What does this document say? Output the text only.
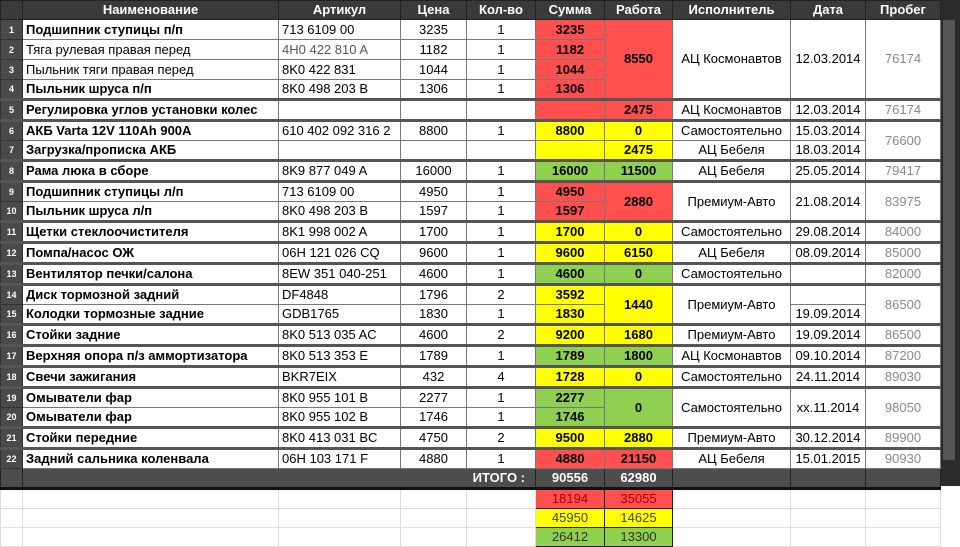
	Наименование	Артикул	Цена	Кол-во	Сумма	Работа	Исполнитель	Дата	Пробег
1	Подшипник ступицы п/п	713 6109 00	3235	1	3235	8550	АЦ Космонавтов	12.03.2014	76174
2	Тяга рулевая правая перед	4H0 422 810 A	1182	1	1182				
3	Пыльник тяги правая перед	8K0 422 831	1044	1	1044				
4	Пыльник шруса п/п	8K0 498 203 B	1306	1	1306				
5	Регулировка углов установки колес					2475	АЦ Космонавтов	12.03.2014	76174
6	АКБ Varta 12V 110Ah 900A	610 402 092 316 2	8800	1	8800	0	Самостоятельно	15.03.2014	76600
7	Загрузка/прописка АКБ					2475	АЦ Бебеля	18.03.2014	
8	Рама люка в сборе	8K9 877 049 A	16000	1	16000	11500	АЦ Бебеля	25.05.2014	79417
9	Подшипник ступицы л/п	713 6109 00	4950	1	4950	2880	Премиум-Авто	21.08.2014	83975
10	Пыльник шруса л/п	8K0 498 203 B	1597	1	1597				
11	Щетки стеклоочистителя	8K1 998 002 A	1700	1	1700	0	Самостоятельно	29.08.2014	84000
12	Помпа/насос ОЖ	06H 121 026 CQ	9600	1	9600	6150	АЦ Бебеля	08.09.2014	85000
13	Вентилятор печки/салона	8EW 351 040-251	4600	1	4600	0	Самостоятельно		82000
14	Диск тормозной задний	DF4848	1796	2	3592	1440	Премиум-Авто		86500
15	Колодки тормозные задние	GDB1765	1830	1	1830			19.09.2014	
16	Стойки задние	8K0 513 035 AC	4600	2	9200	1680	Премиум-Авто	19.09.2014	86500
17	Верхняя опора п/з аммортизатора	8K0 513 353 E	1789	1	1789	1800	АЦ Космонавтов	09.10.2014	87200
18	Свечи зажигания	BKR7EIX	432	4	1728	0	Самостоятельно	24.11.2014	89030
19	Омыватели фар	8K0 955 101 B	2277	1	2277	0	Самостоятельно	xx.11.2014	98050
20	Омыватели фар	8K0 955 102 B	1746	1	1746				
21	Стойки передние	8K0 413 031 BC	4750	2	9500	2880	Премиум-Авто	30.12.2014	89900
22	Задний сальника коленвала	06H 103 171 F	4880	1	4880	21150	АЦ Бебеля	15.01.2015	90930
	ИТОГО :				90556	62980			
					18194	35055			
					45950	14625			
					26412	13300			
